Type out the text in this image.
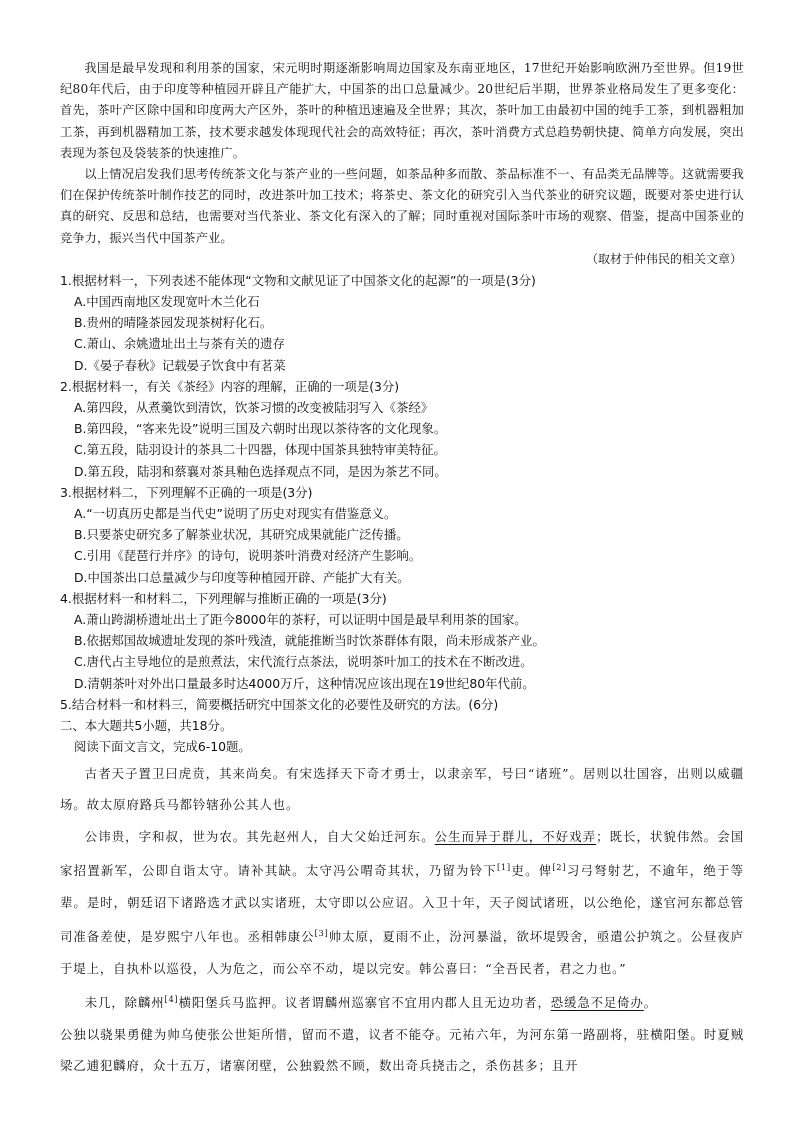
我国是最早发现和利用茶的国家，宋元明时期逐渐影响周边国家及东南亚地区，17世纪开始影响欧洲乃至世界。但19世纪80年代后，由于印度等种植园开辟且产能扩大，中国茶的出口总量减少。20世纪后半期，世界茶业格局发生了更多变化：首先，茶叶产区除中国和印度两大产区外，茶叶的种植迅速遍及全世界；其次，茶叶加工由最初中国的纯手工茶，到机器粗加工茶，再到机器精加工茶，技术要求越发体现现代社会的高效特征；再次，茶叶消费方式总趋势朝快捷、简单方向发展，突出表现为茶包及袋装茶的快速推广。

以上情况启发我们思考传统茶文化与茶产业的一些问题，如茶品种多而散、茶品标准不一、有品类无品牌等。这就需要我们在保护传统茶叶制作技艺的同时，改进茶叶加工技术；将茶史、茶文化的研究引入当代茶业的研究议题，既要对茶史进行认真的研究、反思和总结，也需要对当代茶业、茶文化有深入的了解；同时重视对国际茶叶市场的观察、借鉴，提高中国茶业的竞争力，振兴当代中国茶产业。

（取材于仲伟民的相关文章）

1.根据材料一，下列表述不能体现“文物和文献见证了中国茶文化的起源”的一项是(3分)

A.中国西南地区发现宽叶木兰化石

B.贵州的晴隆茶园发现茶树籽化石。

C.萧山、余姚遗址出土与茶有关的遗存

D.《晏子春秋》记载晏子饮食中有茗菜

2.根据材料一，有关《茶经》内容的理解，正确的一项是(3分)

A.第四段，从煮羹饮到清饮，饮茶习惯的改变被陆羽写入《茶经》

B.第四段，“客来先设”说明三国及六朝时出现以茶待客的文化现象。

C.第五段，陆羽设计的茶具二十四器，体现中国茶具独特审美特征。

D.第五段，陆羽和蔡襄对茶具釉色选择观点不同，是因为茶艺不同。

3.根据材料二，下列理解不正确的一项是(3分)

A.“一切真历史都是当代史”说明了历史对现实有借鉴意义。

B.只要茶史研究多了解茶业状况，其研究成果就能广泛传播。

C.引用《琵琶行并序》的诗句，说明茶叶消费对经济产生影响。

D.中国茶出口总量减少与印度等种植园开辟、产能扩大有关。

4.根据材料一和材料二，下列理解与推断正确的一项是(3分)

A.萧山跨湖桥遗址出土了距今8000年的茶籽，可以证明中国是最早利用茶的国家。

B.依据郏国故城遗址发现的茶叶残渣，就能推断当时饮茶群体有限，尚未形成茶产业。

C.唐代占主导地位的是煎煮法，宋代流行点茶法，说明茶叶加工的技术在不断改进。

D.清朝茶叶对外出口量最多时达4000万斤，这种情况应该出现在19世纪80年代前。

5.结合材料一和材料三，简要概括研究中国茶文化的必要性及研究的方法。(6分)

二、本大题共5小题，共18分。

阅读下面文言文，完成6-10题。

古者天子置卫曰虎贲，其来尚矣。有宋选择天下奇才勇士，以隶亲军，号曰“诸班”。居则以壮国容，出则以威疆场。故太原府路兵马都钤辖孙公其人也。

公讳贵，字和叔，世为农。其先赵州人，自大父始迁河东。公生而异于群儿，不好戏弄；既长，状貌伟然。会国家招置新军，公即自诣太守。请补其缺。太守冯公喟奇其状，乃留为铃下[1]吏。俾[2]习弓弩射艺，不逾年，绝于等辈。是时，朝廷诏下诸路选才武以实诸班，太守即以公应诏。入卫十年，天子阅试诸班，以公绝伦，遂官河东都总管司准备差使，是岁熙宁八年也。丞相韩康公[3]帅太原，夏雨不止，汾河暴溢，欲坏堤毁舍，亟遣公护筑之。公昼夜庐于堤上，自执朴以巡役，人为危之，而公卒不动，堤以完安。韩公喜曰：“全吾民者，君之力也。”

未几，除麟州[4]横阳堡兵马监押。议者谓麟州巡寨官不宜用内郡人且无边功者，恐缓急不足倚办。

公独以骁果勇健为帅乌使张公世矩所惜，留而不遣，议者不能夺。元祐六年，为河东第一路副将，驻横阳堡。时夏贼梁乙逋犯麟府，众十五万，诸寨闭壁，公独毅然不顾，数出奇兵挠击之，杀伤甚多；且开
